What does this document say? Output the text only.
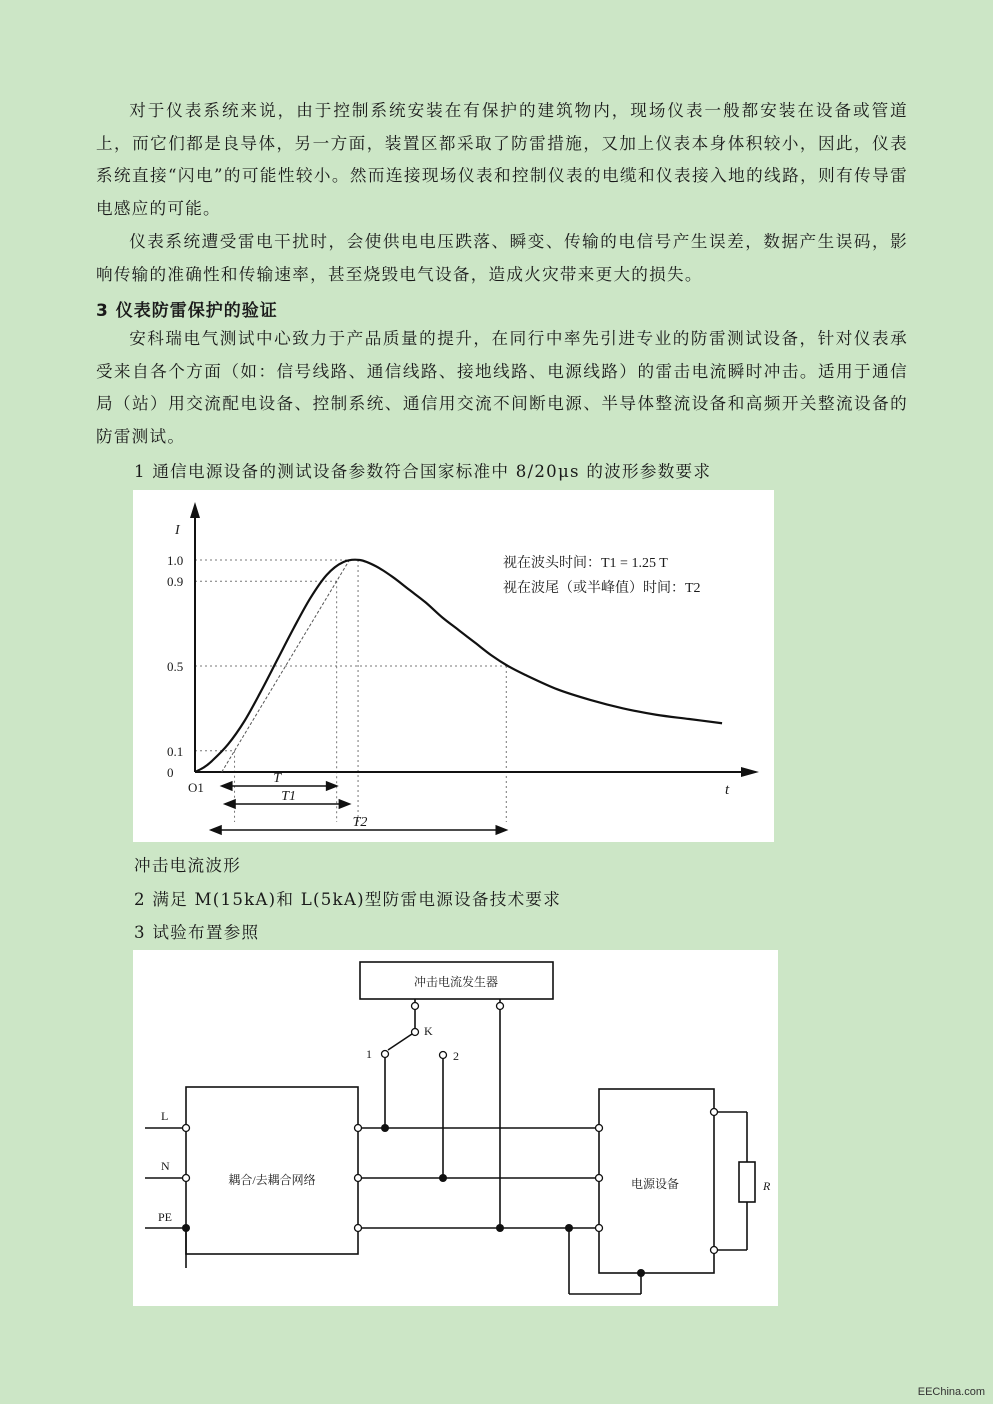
对于仪表系统来说，由于控制系统安装在有保护的建筑物内，现场仪表一般都安装在设备或管道上，而它们都是良导体，另一方面，装置区都采取了防雷措施，又加上仪表本身体积较小，因此，仪表系统直接“闪电”的可能性较小。然而连接现场仪表和控制仪表的电缆和仪表接入地的线路，则有传导雷电感应的可能。

仪表系统遭受雷电干扰时，会使供电电压跌落、瞬变、传输的电信号产生误差，数据产生误码，影响传输的准确性和传输速率，甚至烧毁电气设备，造成火灾带来更大的损失。

3 仪表防雷保护的验证

安科瑞电气测试中心致力于产品质量的提升，在同行中率先引进专业的防雷测试设备，针对仪表承受来自各个方面（如：信号线路、通信线路、接地线路、电源线路）的雷击电流瞬时冲击。适用于通信局（站）用交流配电设备、控制系统、通信用交流不间断电源、半导体整流设备和高频开关整流设备的防雷测试。

1 通信电源设备的测试设备参数符合国家标准中 8/20μs 的波形参数要求

1.0
0.9
0.5
0.1
0
I
t
O1
T
T1
T2
视在波头时间：T1 = 1.25 T
视在波尾（或半峰值）时间：T2

冲击电流波形

2 满足 M(15kA)和 L(5kA)型防雷电源设备技术要求

3 试验布置参照

冲击电流发生器
K
1	2
L
N
PE
耦合/去耦合网络	电源设备	R
EEChina.com
